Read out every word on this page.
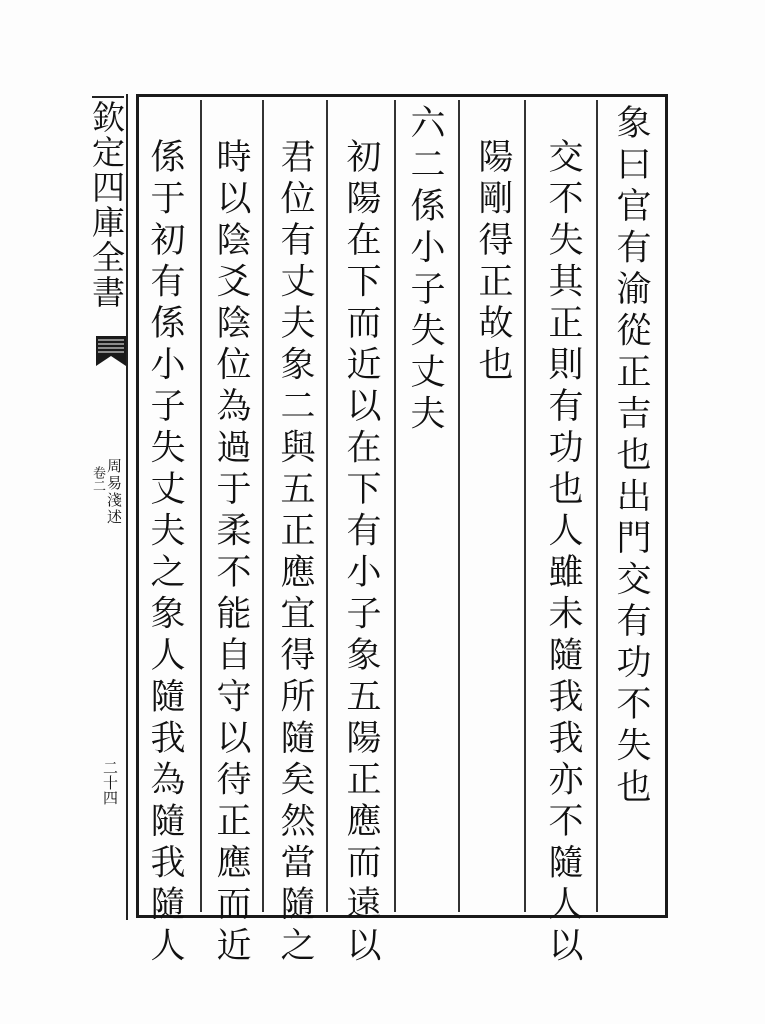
欽定四庫全書
周易淺述
卷二
二十四	象曰官有渝從正吉也出門交有功不失也
交不失其正則有功也人雖未隨我我亦不隨人以
陽剛得正故也
六二係小子失丈夫
初陽在下而近以在下有小子象五陽正應而遠以
君位有丈夫象二與五正應宜得所隨矣然當隨之
時以陰爻陰位為過于柔不能自守以待正應而近
係于初有係小子失丈夫之象人隨我為隨我隨人
